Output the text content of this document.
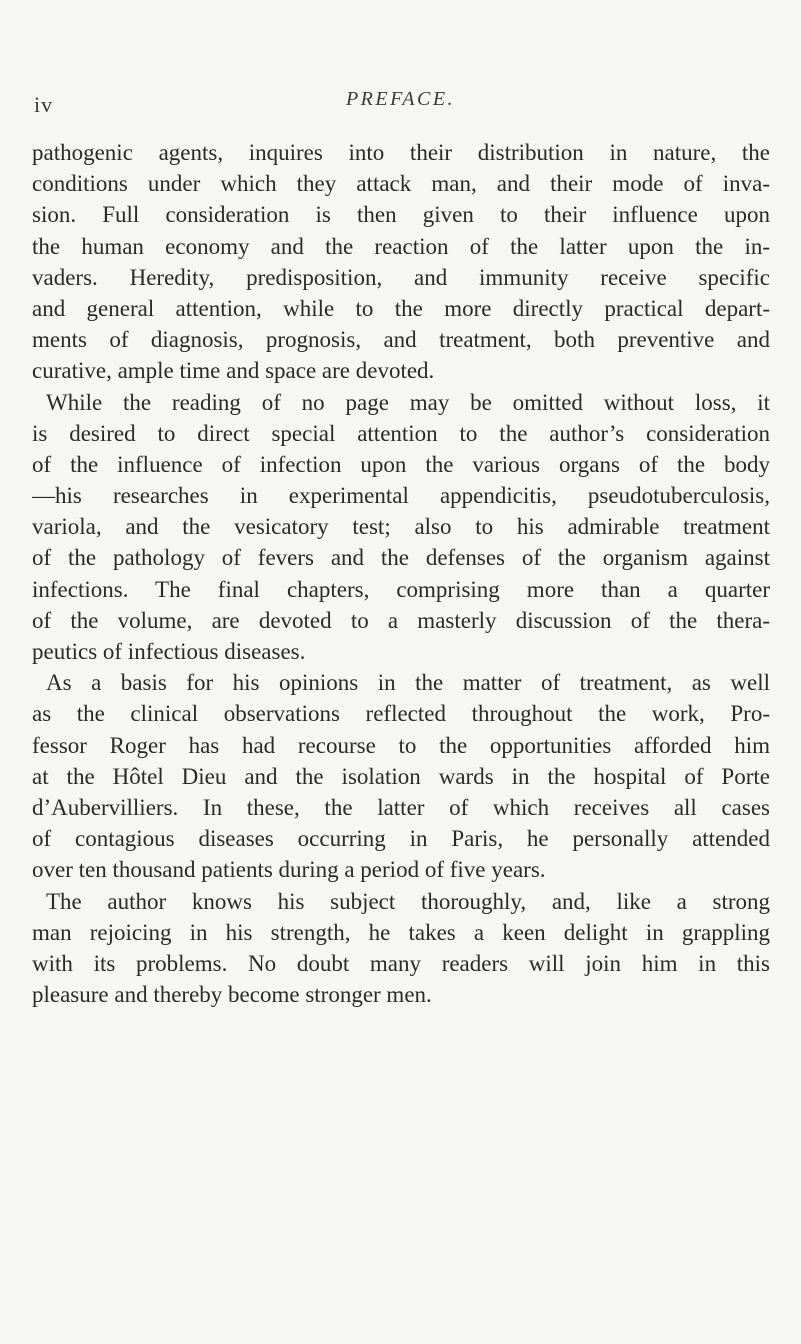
iv	PREFACE.
pathogenic agents, inquires into their distribution in nature, the
conditions under which they attack man, and their mode of inva-
sion. Full consideration is then given to their influence upon
the human economy and the reaction of the latter upon the in-
vaders. Heredity, predisposition, and immunity receive specific
and general attention, while to the more directly practical depart-
ments of diagnosis, prognosis, and treatment, both preventive and
curative, ample time and space are devoted.
While the reading of no page may be omitted without loss, it
is desired to direct special attention to the author’s consideration
of the influence of infection upon the various organs of the body
—his researches in experimental appendicitis, pseudotuberculosis,
variola, and the vesicatory test; also to his admirable treatment
of the pathology of fevers and the defenses of the organism against
infections. The final chapters, comprising more than a quarter
of the volume, are devoted to a masterly discussion of the thera-
peutics of infectious diseases.
As a basis for his opinions in the matter of treatment, as well
as the clinical observations reflected throughout the work, Pro-
fessor Roger has had recourse to the opportunities afforded him
at the Hôtel Dieu and the isolation wards in the hospital of Porte
d’Aubervilliers. In these, the latter of which receives all cases
of contagious diseases occurring in Paris, he personally attended
over ten thousand patients during a period of five years.
The author knows his subject thoroughly, and, like a strong
man rejoicing in his strength, he takes a keen delight in grappling
with its problems. No doubt many readers will join him in this
pleasure and thereby become stronger men.
